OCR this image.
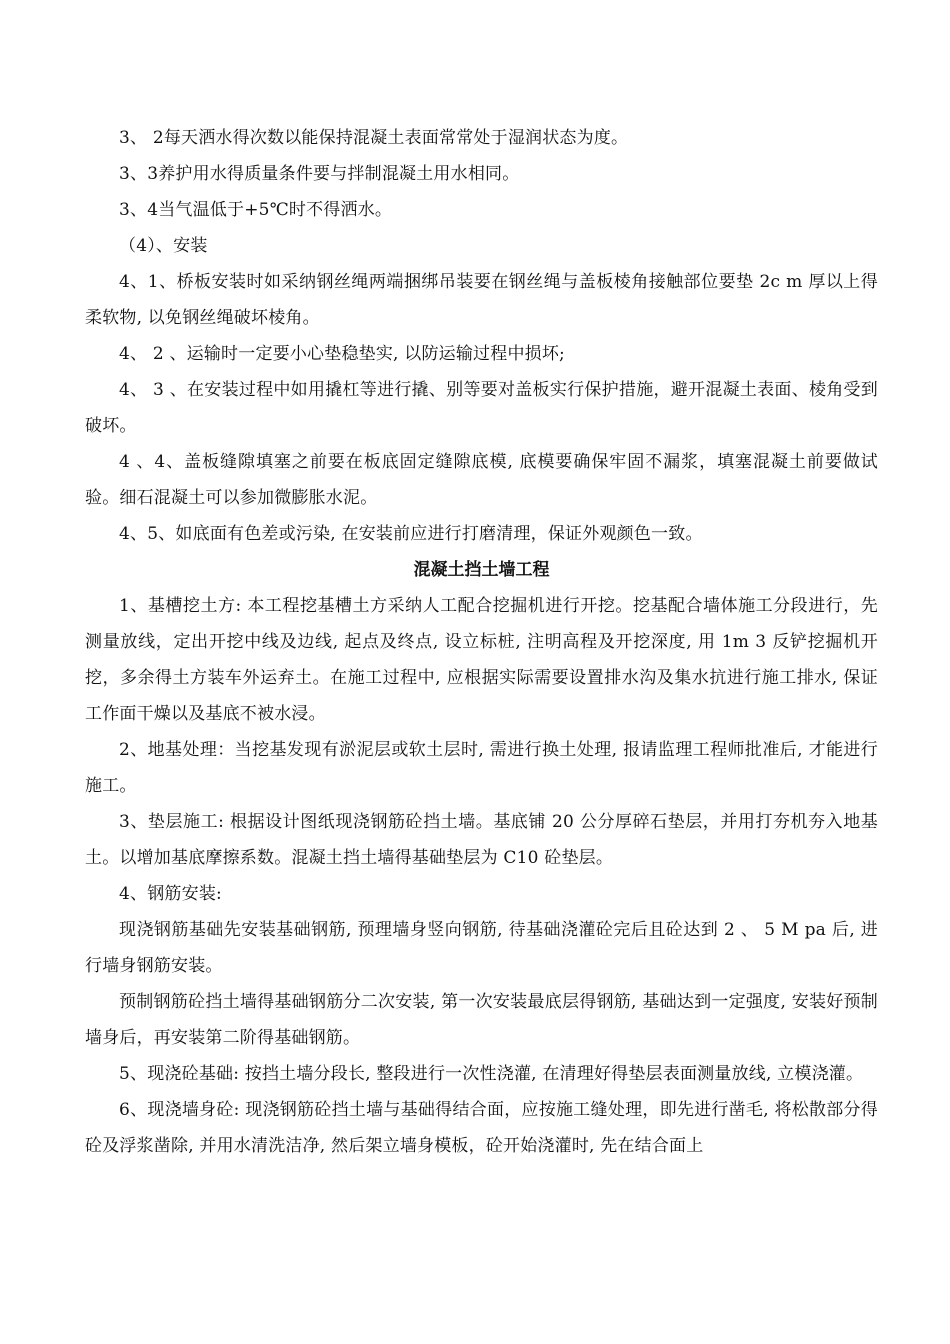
3、 2每天洒水得次数以能保持混凝土表面常常处于湿润状态为度。

3、3养护用水得质量条件要与拌制混凝土用水相同。

3、4当气温低于+5℃时不得洒水。

（4）、安装

4、1、桥板安装时如采纳钢丝绳两端捆绑吊装要在钢丝绳与盖板棱角接触部位要垫 2c m 厚以上得柔软物, 以免钢丝绳破坏棱角。

4、 2 、运输时一定要小心垫稳垫实, 以防运输过程中损坏;

4、 3 、在安装过程中如用撬杠等进行撬、别等要对盖板实行保护措施，避开混凝土表面、棱角受到破坏。

4 、4、盖板缝隙填塞之前要在板底固定缝隙底模, 底模要确保牢固不漏浆，填塞混凝土前要做试验。细石混凝土可以参加微膨胀水泥。

4、5、如底面有色差或污染, 在安装前应进行打磨清理，保证外观颜色一致。

混凝土挡土墙工程

1、基槽挖土方: 本工程挖基槽土方采纳人工配合挖掘机进行开挖。挖基配合墙体施工分段进行，先测量放线，定出开挖中线及边线, 起点及终点, 设立标桩, 注明高程及开挖深度, 用 1m 3 反铲挖掘机开挖，多余得土方装车外运弃土。在施工过程中, 应根据实际需要设置排水沟及集水抗进行施工排水, 保证工作面干燥以及基底不被水浸。

2、地基处理：当挖基发现有淤泥层或软土层时, 需进行换土处理, 报请监理工程师批准后, 才能进行施工。

3、垫层施工: 根据设计图纸现浇钢筋砼挡土墙。基底铺 20 公分厚碎石垫层，并用打夯机夯入地基土。以增加基底摩擦系数。混凝土挡土墙得基础垫层为 C10 砼垫层。

4、钢筋安装:

现浇钢筋基础先安装基础钢筋, 预理墙身竖向钢筋, 待基础浇灌砼完后且砼达到 2 、 5 M pa 后, 进行墙身钢筋安装。

预制钢筋砼挡土墙得基础钢筋分二次安装, 第一次安装最底层得钢筋, 基础达到一定强度, 安装好预制墙身后，再安装第二阶得基础钢筋。

5、现浇砼基础: 按挡土墙分段长, 整段进行一次性浇灌, 在清理好得垫层表面测量放线, 立模浇灌。

6、现浇墙身砼: 现浇钢筋砼挡土墙与基础得结合面，应按施工缝处理，即先进行凿毛, 将松散部分得砼及浮浆凿除, 并用水清洗洁净, 然后架立墙身模板，砼开始浇灌时, 先在结合面上
